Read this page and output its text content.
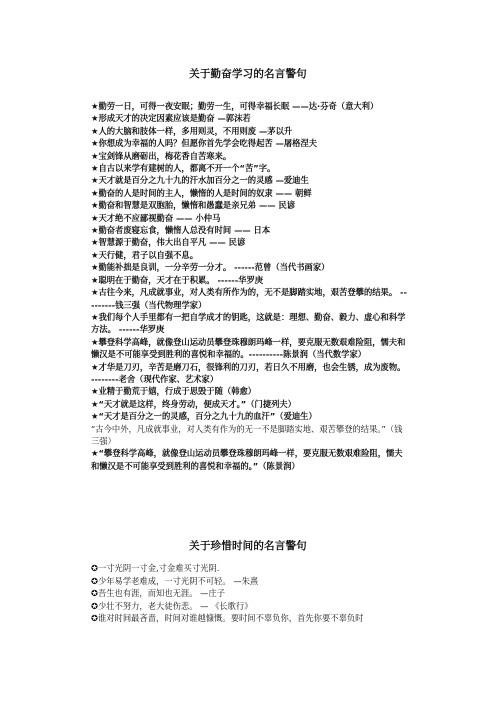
关于勤奋学习的名言警句
★勤劳一日，可得一夜安眠；勤劳一生，可得幸福长眠 ——达·芬奇（意大利）
★形成天才的决定因素应该是勤奋 —郭沫若
★人的大脑和肢体一样，多用则灵，不用则废 —茅以升
★你想成为幸福的人吗？但愿你首先学会吃得起苦 —屠格涅夫
★宝剑锋从磨砺出，梅花香自苦寒来。
★自古以来学有建树的人，都离不开一个“苦”字。
★天才就是百分之九十九的汗水加百分之一的灵感 —爱迪生
★勤奋的人是时间的主人，懒惰的人是时间的奴隶 —— 朝鲜
★勤奋和智慧是双胞胎，懒惰和愚蠢是亲兄弟 —— 民谚
★天才绝不应鄙视勤奋 —— 小仲马
★勤奋者废寝忘食，懒惰人总没有时间 —— 日本
★智慧源于勤奋，伟大出自平凡 —— 民谚
★天行健，君子以自强不息。
★勤能补拙是良训，一分辛劳一分才。 ------范曾（当代书画家）
★聪明在于勤奋，天才在于积累。 ------华罗庚
★古往今来，凡成就事业，对人类有所作为的，无不是脚踏实地，艰苦登攀的结果。 ---------钱三强（当代物理学家）
★我们每个人手里都有一把自学成才的钥匙，这就是：理想、勤奋、毅力、虚心和科学方法。 ------华罗庚
★攀登科学高峰，就像登山运动员攀登珠穆朗玛峰一样，要克服无数艰难险阻，懦夫和懒汉是不可能享受到胜利的喜悦和幸福的。----------陈景润（当代数学家）
★才华是刀刃，辛苦是磨刀石，很锋利的刀刃，若日久不用磨，也会生锈，成为废物。 --------老舍（现代作家、艺术家）
★业精于勤荒于嬉，行成于思毁于随（韩愈）
★“天才就是这样，终身劳动，便成天才。”（门捷列夫）
★“天才是百分之一的灵感，百分之九十九的血汗”（爱迪生）
“古今中外，凡成就事业，对人类有作为的无一不是脚踏实地、艰苦攀登的结果。”（钱三强）
★“攀登科学高峰，就像登山运动员攀登珠穆朗玛峰一样，要克服无数艰难险阻，懦夫和懒汉是不可能享受到胜利的喜悦和幸福的。”（陈景润）
关于珍惜时间的名言警句
✪一寸光阴一寸金,寸金难买寸光阴.
✪少年易学老难成，一寸光阴不可轻。 —朱熹
✪吾生也有涯，而知也无涯。 —庄子
✪少壮不努力，老大徒伤悲。 — 《长歌行》
✪谁对时间最吝啬，时间对谁越慷慨。要时间不辜负你，首先你要不辜负时
